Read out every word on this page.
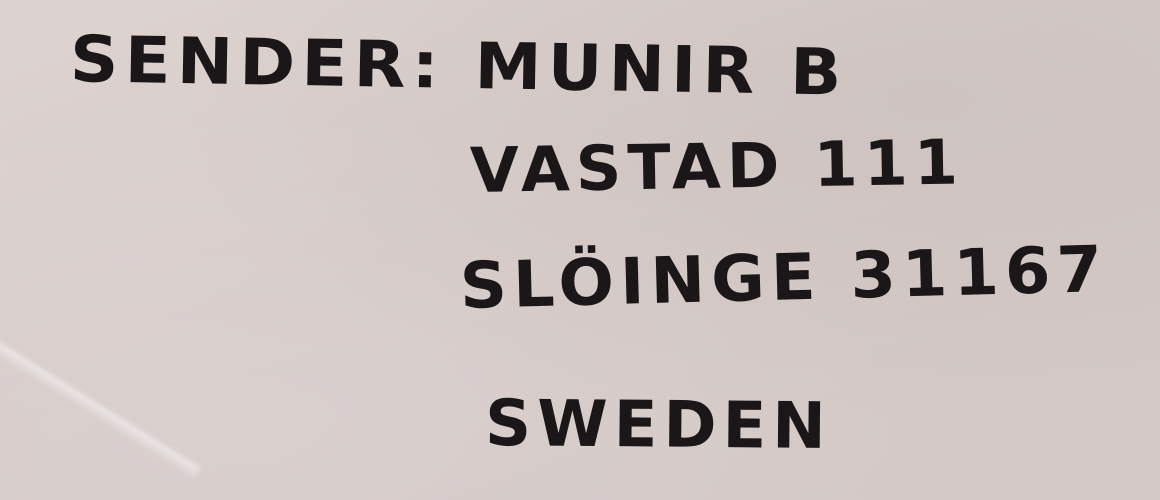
SENDER: MUNIR B

VASTAD 111

SLÖINGE 31167

SWEDEN
